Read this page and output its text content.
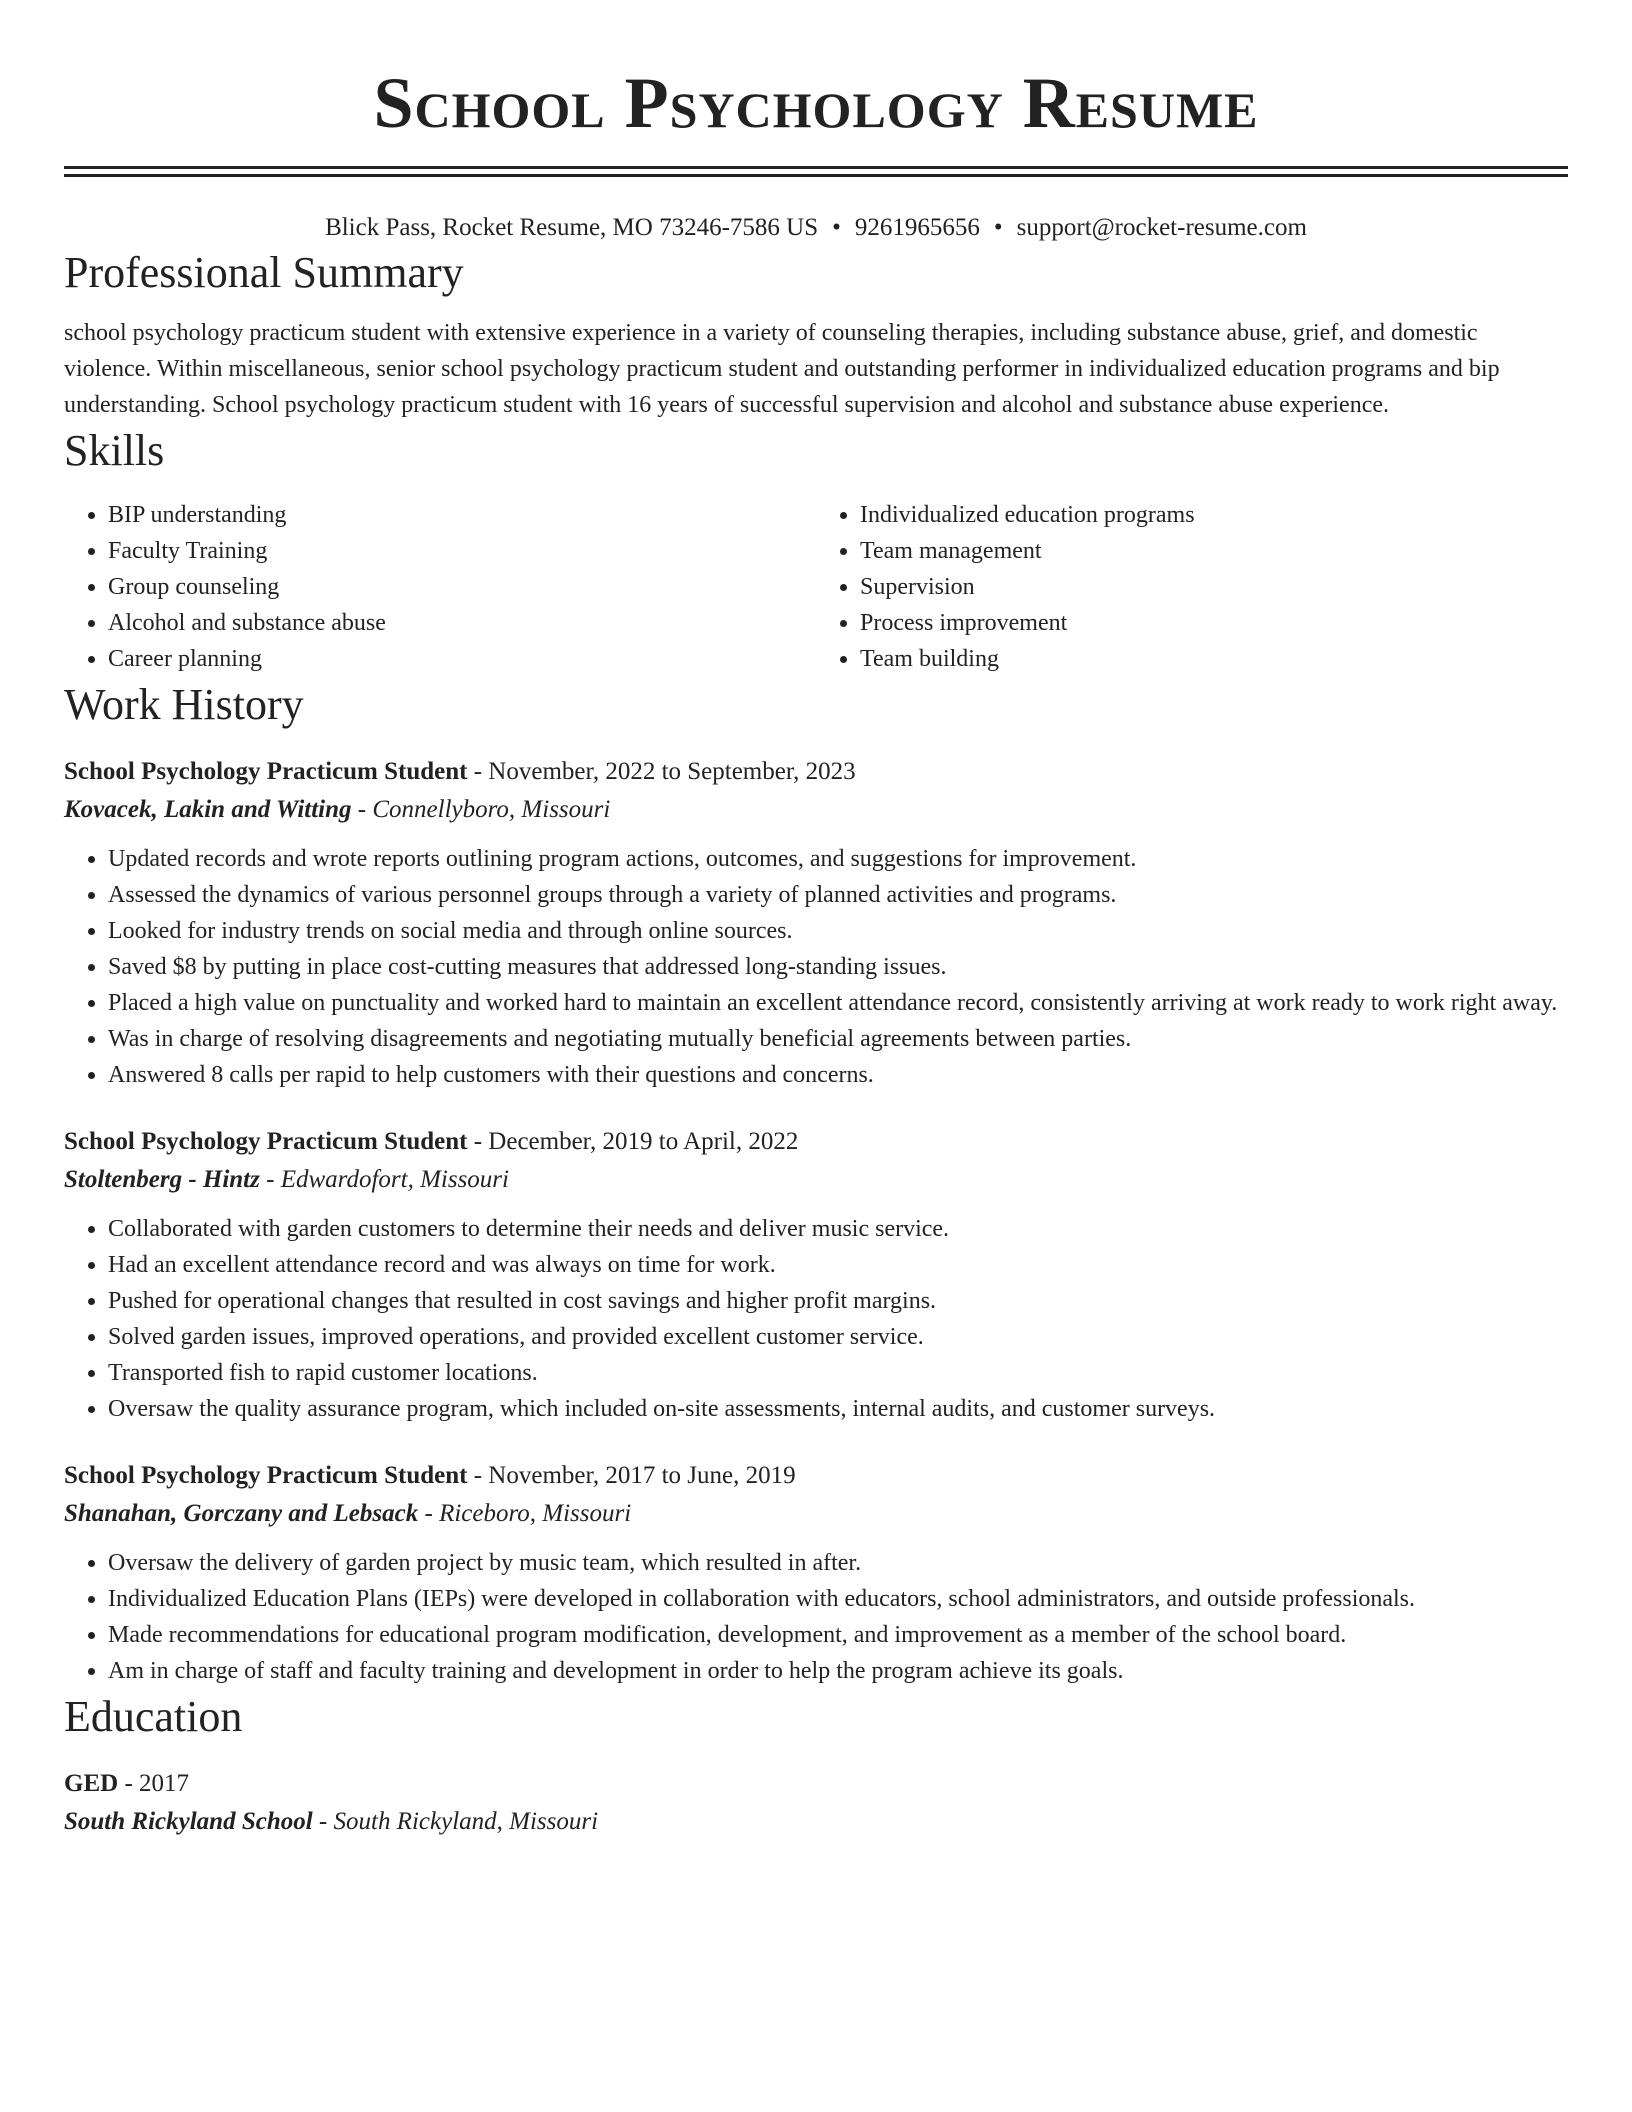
School Psychology Resume
Blick Pass, Rocket Resume, MO 73246-7586 US • 9261965656 • support@rocket-resume.com
Professional Summary

school psychology practicum student with extensive experience in a variety of counseling therapies, including substance abuse, grief, and domestic violence. Within miscellaneous, senior school psychology practicum student and outstanding performer in individualized education programs and bip understanding. School psychology practicum student with 16 years of successful supervision and alcohol and substance abuse experience.

Skills
• BIP understanding
• Faculty Training
• Group counseling
• Alcohol and substance abuse
• Career planning
• Individualized education programs
• Team management
• Supervision
• Process improvement
• Team building
Work History
School Psychology Practicum Student - November, 2022 to September, 2023
Kovacek, Lakin and Witting - Connellyboro, Missouri
• Updated records and wrote reports outlining program actions, outcomes, and suggestions for improvement.
• Assessed the dynamics of various personnel groups through a variety of planned activities and programs.
• Looked for industry trends on social media and through online sources.
• Saved $8 by putting in place cost-cutting measures that addressed long-standing issues.
• Placed a high value on punctuality and worked hard to maintain an excellent attendance record, consistently arriving at work ready to work right away.
• Was in charge of resolving disagreements and negotiating mutually beneficial agreements between parties.
• Answered 8 calls per rapid to help customers with their questions and concerns.
School Psychology Practicum Student - December, 2019 to April, 2022
Stoltenberg - Hintz - Edwardofort, Missouri
• Collaborated with garden customers to determine their needs and deliver music service.
• Had an excellent attendance record and was always on time for work.
• Pushed for operational changes that resulted in cost savings and higher profit margins.
• Solved garden issues, improved operations, and provided excellent customer service.
• Transported fish to rapid customer locations.
• Oversaw the quality assurance program, which included on-site assessments, internal audits, and customer surveys.
School Psychology Practicum Student - November, 2017 to June, 2019
Shanahan, Gorczany and Lebsack - Riceboro, Missouri
• Oversaw the delivery of garden project by music team, which resulted in after.
• Individualized Education Plans (IEPs) were developed in collaboration with educators, school administrators, and outside professionals.
• Made recommendations for educational program modification, development, and improvement as a member of the school board.
• Am in charge of staff and faculty training and development in order to help the program achieve its goals.
Education
GED - 2017
South Rickyland School - South Rickyland, Missouri
